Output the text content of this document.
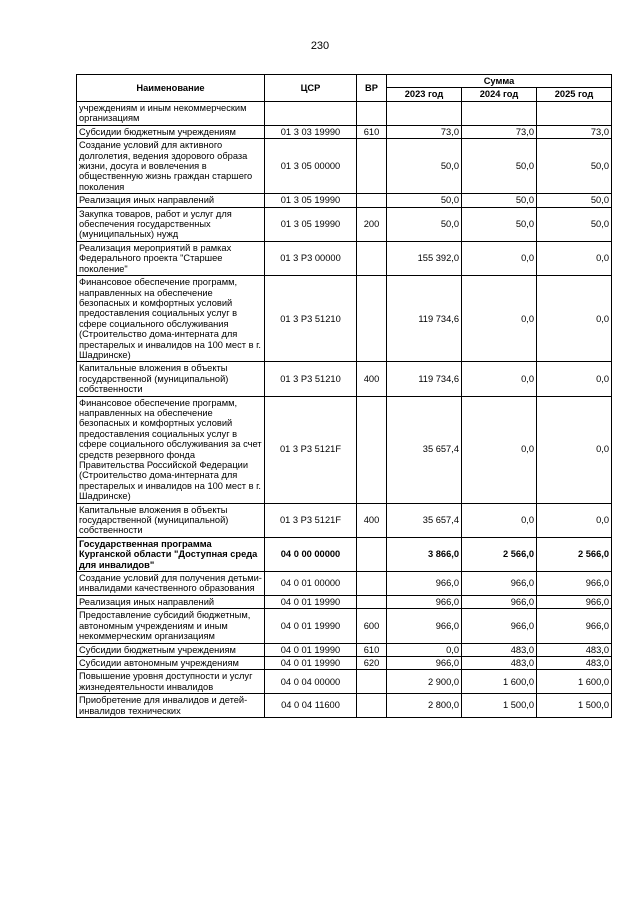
230
Наименование	ЦСР	ВР	Сумма		
			2023 год	2024 год	2025 год
учреждениям и иным некоммерческим организациям					
Субсидии бюджетным учреждениям	01 3 03 19990	610	73,0	73,0	73,0
Создание условий для активного долголетия, ведения здорового образа жизни, досуга и вовлечения в общественную жизнь граждан старшего поколения	01 3 05 00000		50,0	50,0	50,0
Реализация иных направлений	01 3 05 19990		50,0	50,0	50,0
Закупка товаров, работ и услуг для обеспечения государственных (муниципальных) нужд	01 3 05 19990	200	50,0	50,0	50,0
Реализация мероприятий в рамках Федерального проекта "Старшее поколение"	01 3 Р3 00000		155 392,0	0,0	0,0
Финансовое обеспечение программ, направленных на обеспечение безопасных и комфортных условий предоставления социальных услуг в сфере социального обслуживания (Строительство дома-интерната для престарелых и инвалидов на 100 мест в г. Шадринске)	01 3 Р3 51210		119 734,6	0,0	0,0
Капитальные вложения в объекты государственной (муниципальной) собственности	01 3 Р3 51210	400	119 734,6	0,0	0,0
Финансовое обеспечение программ, направленных на обеспечение безопасных и комфортных условий предоставления социальных услуг в сфере социального обслуживания за счет средств резервного фонда Правительства Российской Федерации (Строительство дома-интерната для престарелых и инвалидов на 100 мест в г. Шадринске)	01 3 Р3 5121F		35 657,4	0,0	0,0
Капитальные вложения в объекты государственной (муниципальной) собственности	01 3 Р3 5121F	400	35 657,4	0,0	0,0
Государственная программа Курганской области "Доступная среда для инвалидов"	04 0 00 00000		3 866,0	2 566,0	2 566,0
Создание условий для получения детьми-инвалидами качественного образования	04 0 01 00000		966,0	966,0	966,0
Реализация иных направлений	04 0 01 19990		966,0	966,0	966,0
Предоставление субсидий бюджетным, автономным учреждениям и иным некоммерческим организациям	04 0 01 19990	600	966,0	966,0	966,0
Субсидии бюджетным учреждениям	04 0 01 19990	610	0,0	483,0	483,0
Субсидии автономным учреждениям	04 0 01 19990	620	966,0	483,0	483,0
Повышение уровня доступности и услуг жизнедеятельности инвалидов	04 0 04 00000		2 900,0	1 600,0	1 600,0
Приобретение для инвалидов и детей-инвалидов технических	04 0 04 11600		2 800,0	1 500,0	1 500,0
